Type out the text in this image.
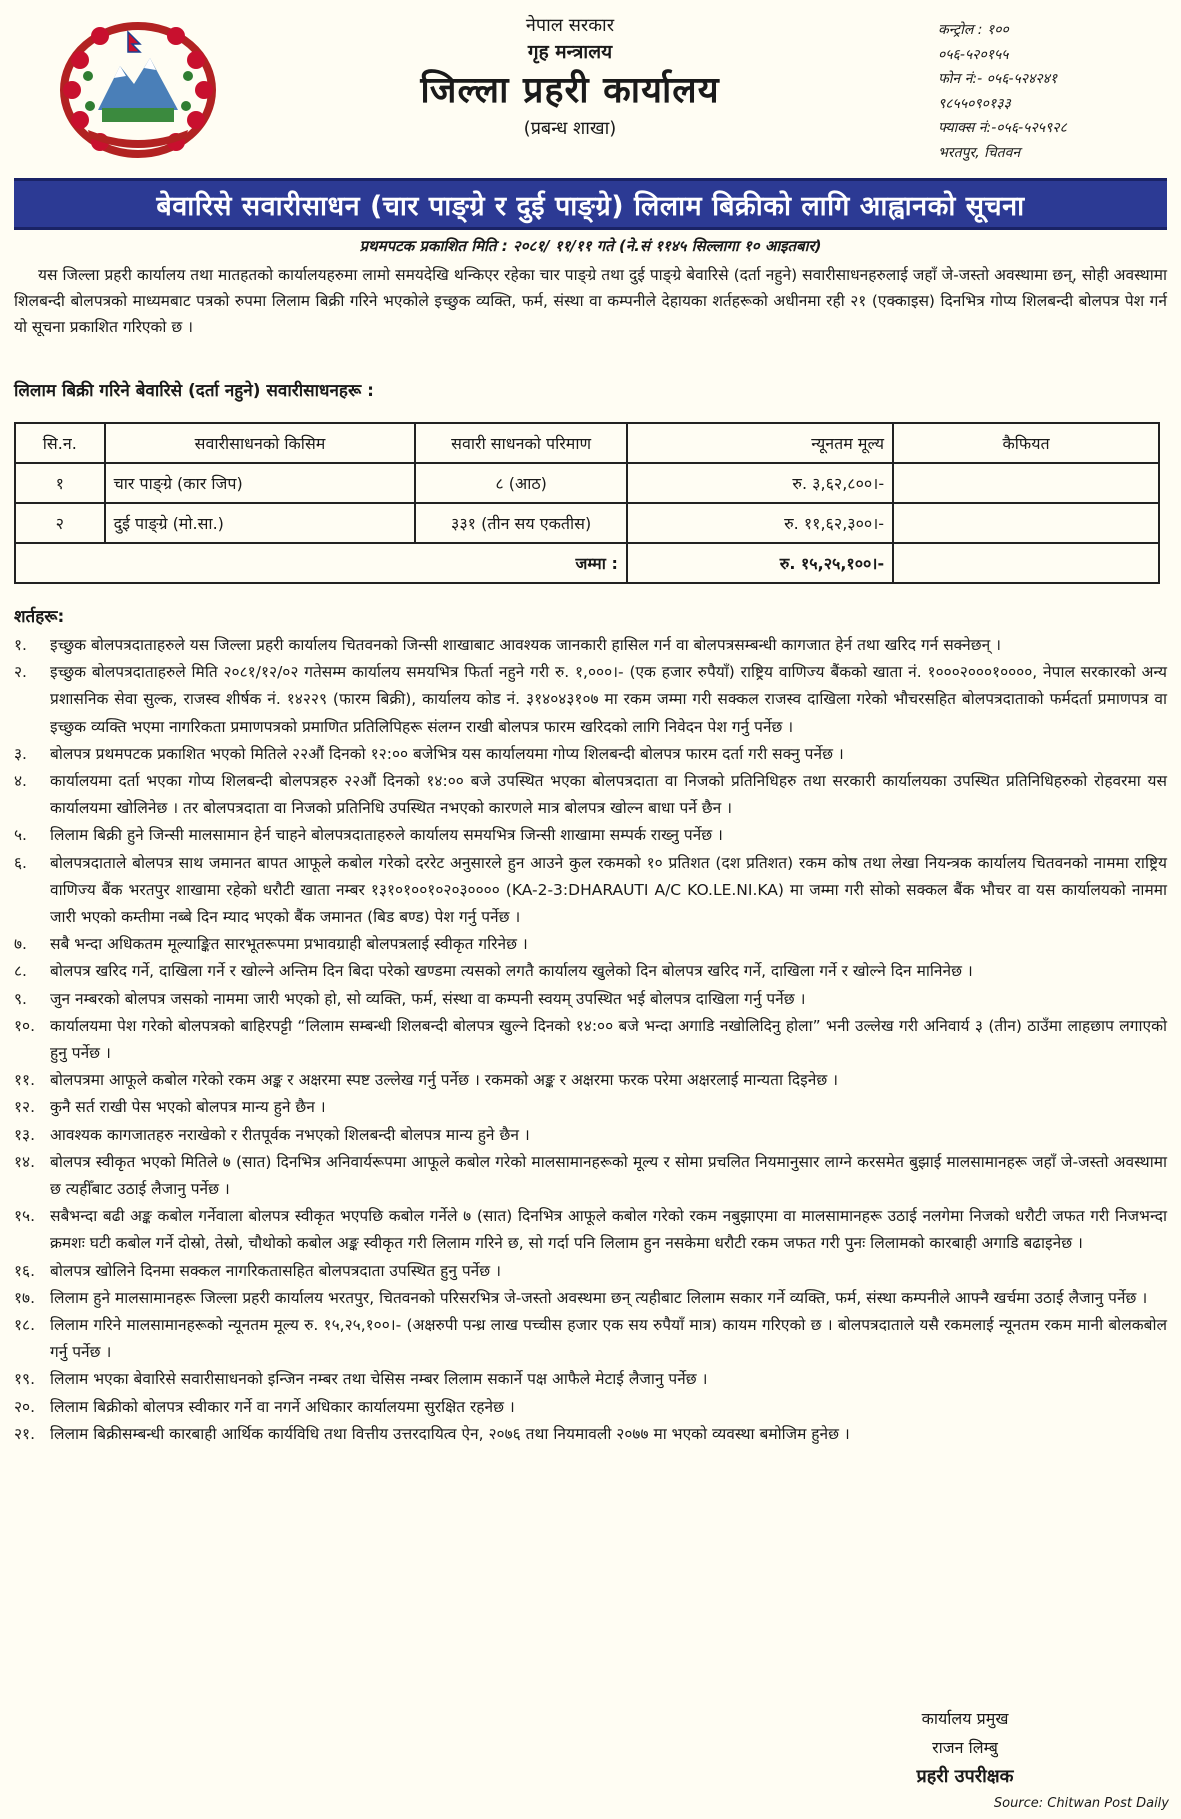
नेपाल सरकार
गृह मन्त्रालय
जिल्ला प्रहरी कार्यालय
(प्रबन्ध शाखा)
कन्ट्रोल : १००
०५६-५२०१५५
फोन नं:- ०५६-५२४२४१
९८५५०९०१३३
फ्याक्स नं:-०५६-५२५९२८
भरतपुर, चितवन
बेवारिसे सवारीसाधन (चार पाङ्ग्रे र दुई पाङ्ग्रे) लिलाम बिक्रीको लागि आह्वानको सूचना
प्रथमपटक प्रकाशित मिति : २०८१/ ११/११ गते (ने.सं ११४५ सिल्लागा १० आइतबार)

यस जिल्ला प्रहरी कार्यालय तथा मातहतको कार्यालयहरुमा लामो समयदेखि थन्किएर रहेका चार पाङ्ग्रे तथा दुई पाङ्ग्रे बेवारिसे (दर्ता नहुने) सवारीसाधनहरुलाई जहाँ जे-जस्तो अवस्थामा छन्, सोही अवस्थामा शिलबन्दी बोलपत्रको माध्यमबाट पत्रको रुपमा लिलाम बिक्री गरिने भएकोले इच्छुक व्यक्ति, फर्म, संस्था वा कम्पनीले देहायका शर्तहरूको अधीनमा रही २१ (एक्काइस) दिनभित्र गोप्य शिलबन्दी बोलपत्र पेश गर्न यो सूचना प्रकाशित गरिएको छ ।

लिलाम बिक्री गरिने बेवारिसे (दर्ता नहुने) सवारीसाधनहरू :
सि.न.	सवारीसाधनको किसिम	सवारी साधनको परिमाण	न्यूनतम मूल्य	कैफियत
१	चार पाङ्ग्रे (कार जिप)	८ (आठ)	रु. ३,६२,८००।-	
२	दुई पाङ्ग्रे (मो.सा.)	३३१ (तीन सय एकतीस)	रु. ११,६२,३००।-	
जम्मा :			रु. १५,२५,१००।-	
शर्तहरू:
१.	इच्छुक बोलपत्रदाताहरुले यस जिल्ला प्रहरी कार्यालय चितवनको जिन्सी शाखाबाट आवश्यक जानकारी हासिल गर्न वा बोलपत्रसम्बन्धी कागजात हेर्न तथा खरिद गर्न सक्नेछन् ।
२.	इच्छुक बोलपत्रदाताहरुले मिति २०८१/१२/०२ गतेसम्म कार्यालय समयभित्र फिर्ता नहुने गरी रु. १,०००।- (एक हजार रुपैयाँ) राष्ट्रिय वाणिज्य बैंकको खाता नं. १०००२०००१००००, नेपाल सरकारको अन्य प्रशासनिक सेवा सुल्क, राजस्व शीर्षक नं. १४२२९ (फारम बिक्री), कार्यालय कोड नं. ३१४०४३१०७ मा रकम जम्मा गरी सक्कल राजस्व दाखिला गरेको भौचरसहित बोलपत्रदाताको फर्मदर्ता प्रमाणपत्र वा इच्छुक व्यक्ति भएमा नागरिकता प्रमाणपत्रको प्रमाणित प्रतिलिपिहरू संलग्न राखी बोलपत्र फारम खरिदको लागि निवेदन पेश गर्नु पर्नेछ ।
३.	बोलपत्र प्रथमपटक प्रकाशित भएको मितिले २२औं दिनको १२:०० बजेभित्र यस कार्यालयमा गोप्य शिलबन्दी बोलपत्र फारम दर्ता गरी सक्नु पर्नेछ ।
४.	कार्यालयमा दर्ता भएका गोप्य शिलबन्दी बोलपत्रहरु २२औं दिनको १४:०० बजे उपस्थित भएका बोलपत्रदाता वा निजको प्रतिनिधिहरु तथा सरकारी कार्यालयका उपस्थित प्रतिनिधिहरुको रोहवरमा यस कार्यालयमा खोलिनेछ । तर बोलपत्रदाता वा निजको प्रतिनिधि उपस्थित नभएको कारणले मात्र बोलपत्र खोल्न बाधा पर्ने छैन ।
५.	लिलाम बिक्री हुने जिन्सी मालसामान हेर्न चाहने बोलपत्रदाताहरुले कार्यालय समयभित्र जिन्सी शाखामा सम्पर्क राख्नु पर्नेछ ।
६.	बोलपत्रदाताले बोलपत्र साथ जमानत बापत आफूले कबोल गरेको दररेट अनुसारले हुन आउने कुल रकमको १० प्रतिशत (दश प्रतिशत) रकम कोष तथा लेखा नियन्त्रक कार्यालय चितवनको नाममा राष्ट्रिय वाणिज्य बैंक भरतपुर शाखामा रहेको धरौटी खाता नम्बर १३१०१००१०२०३०००० (KA-2-3:DHARAUTI A/C KO.LE.NI.KA) मा जम्मा गरी सोको सक्कल बैंक भौचर वा यस कार्यालयको नाममा जारी भएको कम्तीमा नब्बे दिन म्याद भएको बैंक जमानत (बिड बण्ड) पेश गर्नु पर्नेछ ।
७.	सबै भन्दा अधिकतम मूल्याङ्कित सारभूतरूपमा प्रभावग्राही बोलपत्रलाई स्वीकृत गरिनेछ ।
८.	बोलपत्र खरिद गर्ने, दाखिला गर्ने र खोल्ने अन्तिम दिन बिदा परेको खण्डमा त्यसको लगतै कार्यालय खुलेको दिन बोलपत्र खरिद गर्ने, दाखिला गर्ने र खोल्ने दिन मानिनेछ ।
९.	जुन नम्बरको बोलपत्र जसको नाममा जारी भएको हो, सो व्यक्ति, फर्म, संस्था वा कम्पनी स्वयम् उपस्थित भई बोलपत्र दाखिला गर्नु पर्नेछ ।
१०. कार्यालयमा पेश गरेको बोलपत्रको बाहिरपट्टी “लिलाम सम्बन्धी शिलबन्दी बोलपत्र खुल्ने दिनको १४:०० बजे भन्दा अगाडि नखोलिदिनु होला” भनी उल्लेख गरी अनिवार्य ३ (तीन) ठाउँमा लाहछाप लगाएको हुनु पर्नेछ ।
११. बोलपत्रमा आफूले कबोल गरेको रकम अङ्क र अक्षरमा स्पष्ट उल्लेख गर्नु पर्नेछ । रकमको अङ्क र अक्षरमा फरक परेमा अक्षरलाई मान्यता दिइनेछ ।
१२. कुनै सर्त राखी पेस भएको बोलपत्र मान्य हुने छैन ।
१३. आवश्यक कागजातहरु नराखेको र रीतपूर्वक नभएको शिलबन्दी बोलपत्र मान्य हुने छैन ।
१४. बोलपत्र स्वीकृत भएको मितिले ७ (सात) दिनभित्र अनिवार्यरूपमा आफूले कबोल गरेको मालसामानहरूको मूल्य र सोमा प्रचलित नियमानुसार लाग्ने करसमेत बुझाई मालसामानहरू जहाँ जे-जस्तो अवस्थामा छ त्यहीँबाट उठाई लैजानु पर्नेछ ।
१५. सबैभन्दा बढी अङ्क कबोल गर्नेवाला बोलपत्र स्वीकृत भएपछि कबोल गर्नेले ७ (सात) दिनभित्र आफूले कबोल गरेको रकम नबुझाएमा वा मालसामानहरू उठाई नलगेमा निजको धरौटी जफत गरी निजभन्दा क्रमशः घटी कबोल गर्ने दोस्रो, तेस्रो, चौथोको कबोल अङ्क स्वीकृत गरी लिलाम गरिने छ, सो गर्दा पनि लिलाम हुन नसकेमा धरौटी रकम जफत गरी पुनः लिलामको कारबाही अगाडि बढाइनेछ ।
१६. बोलपत्र खोलिने दिनमा सक्कल नागरिकतासहित बोलपत्रदाता उपस्थित हुनु पर्नेछ ।
१७. लिलाम हुने मालसामानहरू जिल्ला प्रहरी कार्यालय भरतपुर, चितवनको परिसरभित्र जे-जस्तो अवस्थमा छन् त्यहीबाट लिलाम सकार गर्ने व्यक्ति, फर्म, संस्था कम्पनीले आफ्नै खर्चमा उठाई लैजानु पर्नेछ ।
१८. लिलाम गरिने मालसामानहरूको न्यूनतम मूल्य रु. १५,२५,१००।- (अक्षरुपी पन्ध्र लाख पच्चीस हजार एक सय रुपैयाँ मात्र) कायम गरिएको छ । बोलपत्रदाताले यसै रकमलाई न्यूनतम रकम मानी बोलकबोल गर्नु पर्नेछ ।
१९. लिलाम भएका बेवारिसे सवारीसाधनको इन्जिन नम्बर तथा चेसिस नम्बर लिलाम सकार्ने पक्ष आफैले मेटाई लैजानु पर्नेछ ।
२०. लिलाम बिक्रीको बोलपत्र स्वीकार गर्ने वा नगर्ने अधिकार कार्यालयमा सुरक्षित रहनेछ ।
२१. लिलाम बिक्रीसम्बन्धी कारबाही आर्थिक कार्यविधि तथा वित्तीय उत्तरदायित्व ऐन, २०७६ तथा नियमावली २०७७ मा भएको व्यवस्था बमोजिम हुनेछ ।
कार्यालय प्रमुख
राजन लिम्बु
प्रहरी उपरीक्षक
Source: Chitwan Post Daily
